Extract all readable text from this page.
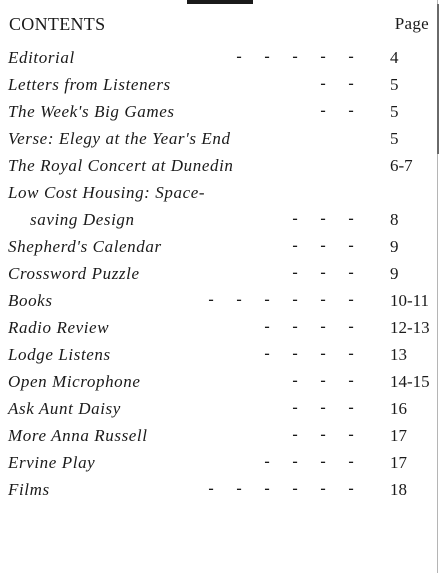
CONTENTS	Page
Editorial	- - - - -	4
Letters from Listeners	- -	5
The Week's Big Games	- -	5
Verse: Elegy at the Year's End	5
The Royal Concert at Dunedin	6-7
Low Cost Housing: Space-
saving Design	- - -	8
Shepherd's Calendar	- - -	9
Crossword Puzzle	- - -	9
Books	- - - - - -	10-11
Radio Review	- - - -	12-13
Lodge Listens	- - - -	13
Open Microphone	- - -	14-15
Ask Aunt Daisy	- - -	16
More Anna Russell	- - -	17
Ervine Play	- - - -	17
Films	- - - - - -	18
